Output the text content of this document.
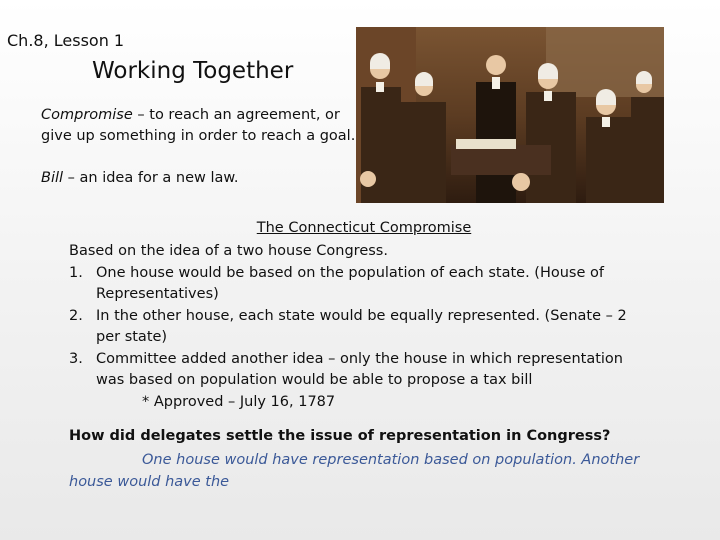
Ch.8, Lesson 1
Working Together

Compromise – to reach an agreement, or give up something in order to reach a goal.

Bill – an idea for a new law.

The Connecticut Compromise
Based on the idea of a two house Congress.
1. One house would be based on the population of each state. (House of Representatives)
2. In the other house, each state would be equally represented. (Senate – 2 per state)
3. Committee added another idea – only the house in which representation was based on population would be able to propose a tax bill
* Approved – July 16, 1787
How did delegates settle the issue of representation in Congress?
One house would have representation based on population. Another
house would have the
